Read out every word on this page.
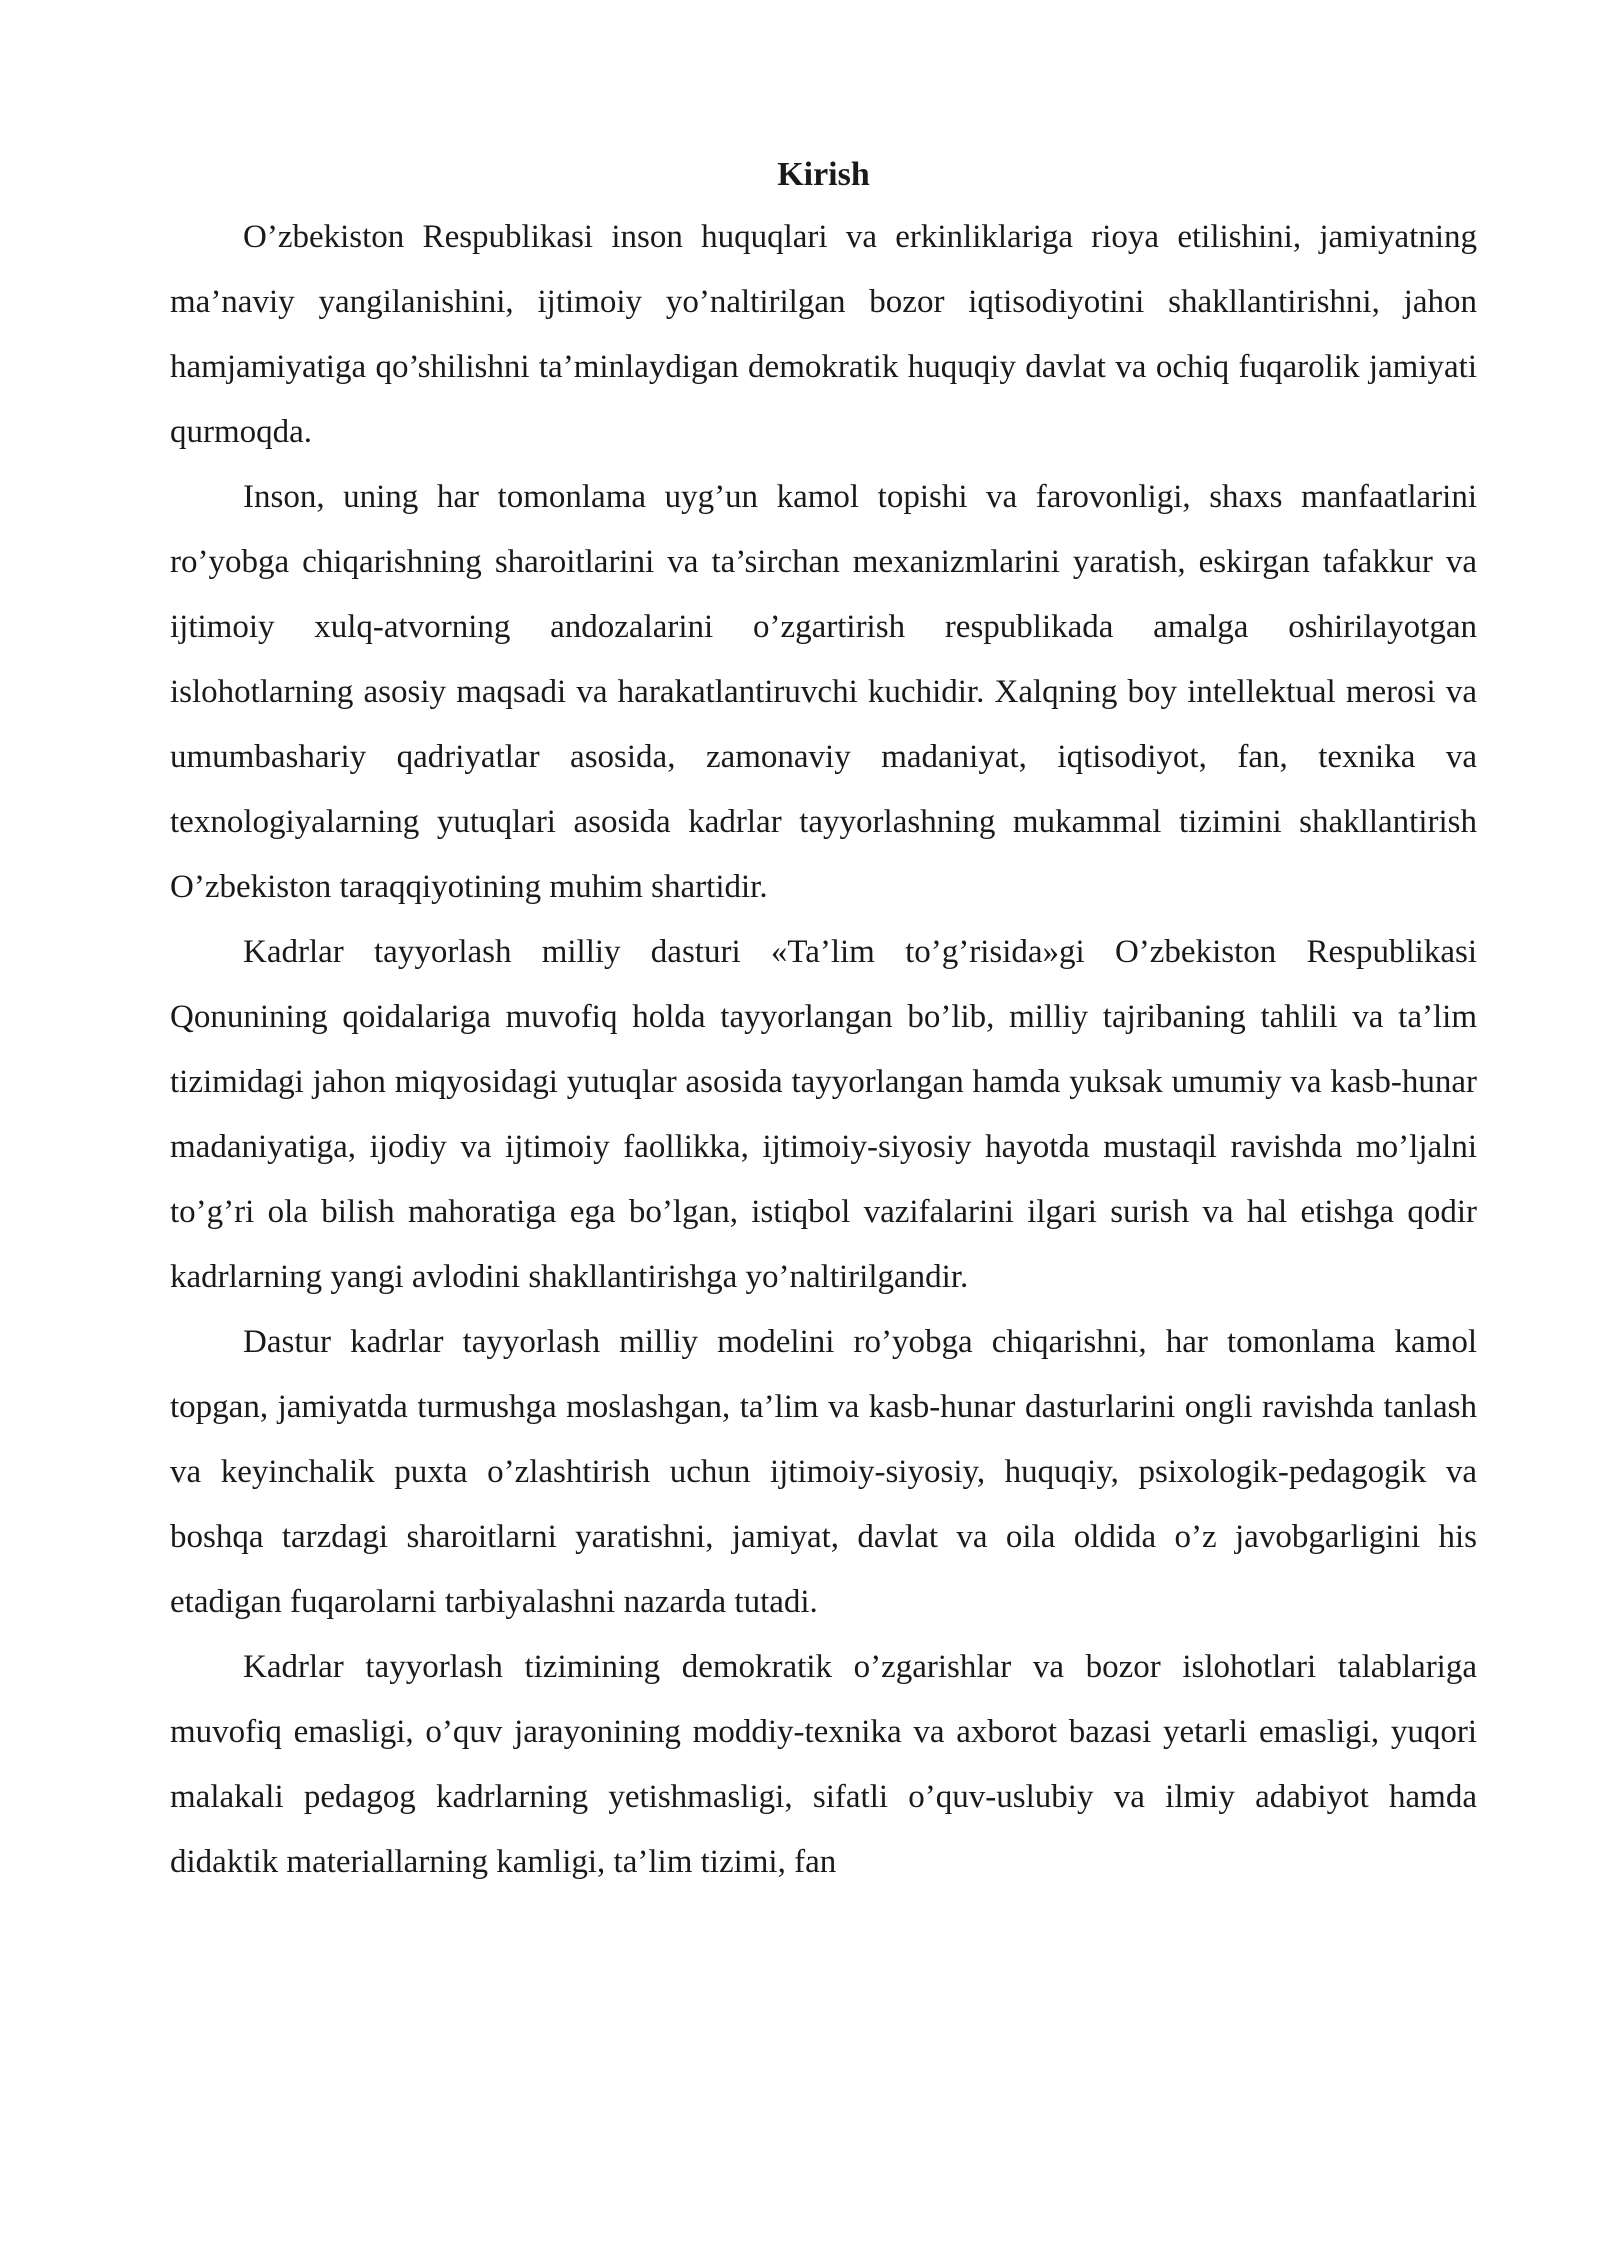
Kirish

O’zbekiston Respublikasi inson huquqlari va erkinliklariga rioya etilishini, jamiyatning ma’naviy yangilanishini, ijtimoiy yo’naltirilgan bozor iqtisodiyotini shakllantirishni, jahon hamjamiyatiga qo’shilishni ta’minlaydigan demokratik huquqiy davlat va ochiq fuqarolik jamiyati qurmoqda.

Inson, uning har tomonlama uyg’un kamol topishi va farovonligi, shaxs manfaatlarini ro’yobga chiqarishning sharoitlarini va ta’sirchan mexanizmlarini yaratish, eskirgan tafakkur va ijtimoiy xulq-atvorning andozalarini o’zgartirish respublikada amalga oshirilayotgan islohotlarning asosiy maqsadi va harakatlantiruvchi kuchidir. Xalqning boy intellektual merosi va umumbashariy qadriyatlar asosida, zamonaviy madaniyat, iqtisodiyot, fan, texnika va texnologiyalarning yutuqlari asosida kadrlar tayyorlashning mukammal tizimini shakllantirish O’zbekiston taraqqiyotining muhim shartidir.

Kadrlar tayyorlash milliy dasturi «Ta’lim to’g’risida»gi O’zbekiston Respublikasi Qonunining qoidalariga muvofiq holda tayyorlangan bo’lib, milliy tajribaning tahlili va ta’lim tizimidagi jahon miqyosidagi yutuqlar asosida tayyorlangan hamda yuksak umumiy va kasb-hunar madaniyatiga, ijodiy va ijtimoiy faollikka, ijtimoiy-siyosiy hayotda mustaqil ravishda mo’ljalni to’g’ri ola bilish mahoratiga ega bo’lgan, istiqbol vazifalarini ilgari surish va hal etishga qodir kadrlarning yangi avlodini shakllantirishga yo’naltirilgandir.

Dastur kadrlar tayyorlash milliy modelini ro’yobga chiqarishni, har tomonlama kamol topgan, jamiyatda turmushga moslashgan, ta’lim va kasb-hunar dasturlarini ongli ravishda tanlash va keyinchalik puxta o’zlashtirish uchun ijtimoiy-siyosiy, huquqiy, psixologik-pedagogik va boshqa tarzdagi sharoitlarni yaratishni, jamiyat, davlat va oila oldida o’z javobgarligini his etadigan fuqarolarni tarbiyalashni nazarda tutadi.

Kadrlar tayyorlash tizimining demokratik o’zgarishlar va bozor islohotlari talablariga muvofiq emasligi, o’quv jarayonining moddiy-texnika va axborot bazasi yetarli emasligi, yuqori malakali pedagog kadrlarning yetishmasligi, sifatli o’quv-uslubiy va ilmiy adabiyot hamda didaktik materiallarning kamligi, ta’lim tizimi, fan
